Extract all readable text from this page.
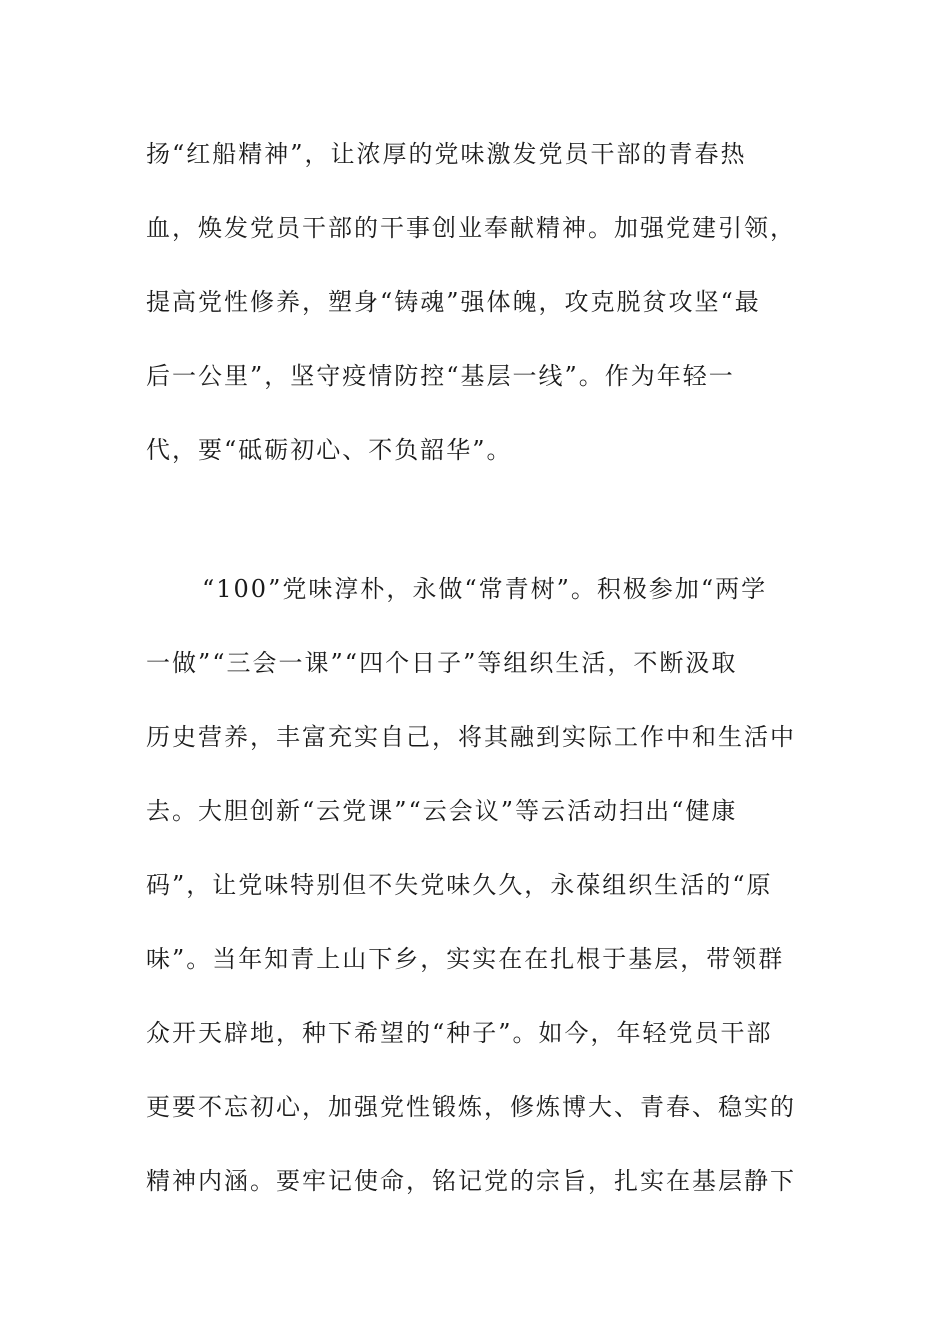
扬“红船精神”，让浓厚的党味激发党员干部的青春热
血，焕发党员干部的干事创业奉献精神。加强党建引领，
提高党性修养，塑身“铸魂”强体魄，攻克脱贫攻坚“最
后一公里”，坚守疫情防控“基层一线”。作为年轻一
代，要“砥砺初心、不负韶华”。
“100”党味淳朴，永做“常青树”。积极参加“两学
一做”“三会一课”“四个日子”等组织生活，不断汲取
历史营养，丰富充实自己，将其融到实际工作中和生活中
去。大胆创新“云党课”“云会议”等云活动扫出“健康
码”，让党味特别但不失党味久久，永葆组织生活的“原
味”。当年知青上山下乡，实实在在扎根于基层，带领群
众开天辟地，种下希望的“种子”。如今，年轻党员干部
更要不忘初心，加强党性锻炼，修炼博大、青春、稳实的
精神内涵。要牢记使命，铭记党的宗旨，扎实在基层静下
